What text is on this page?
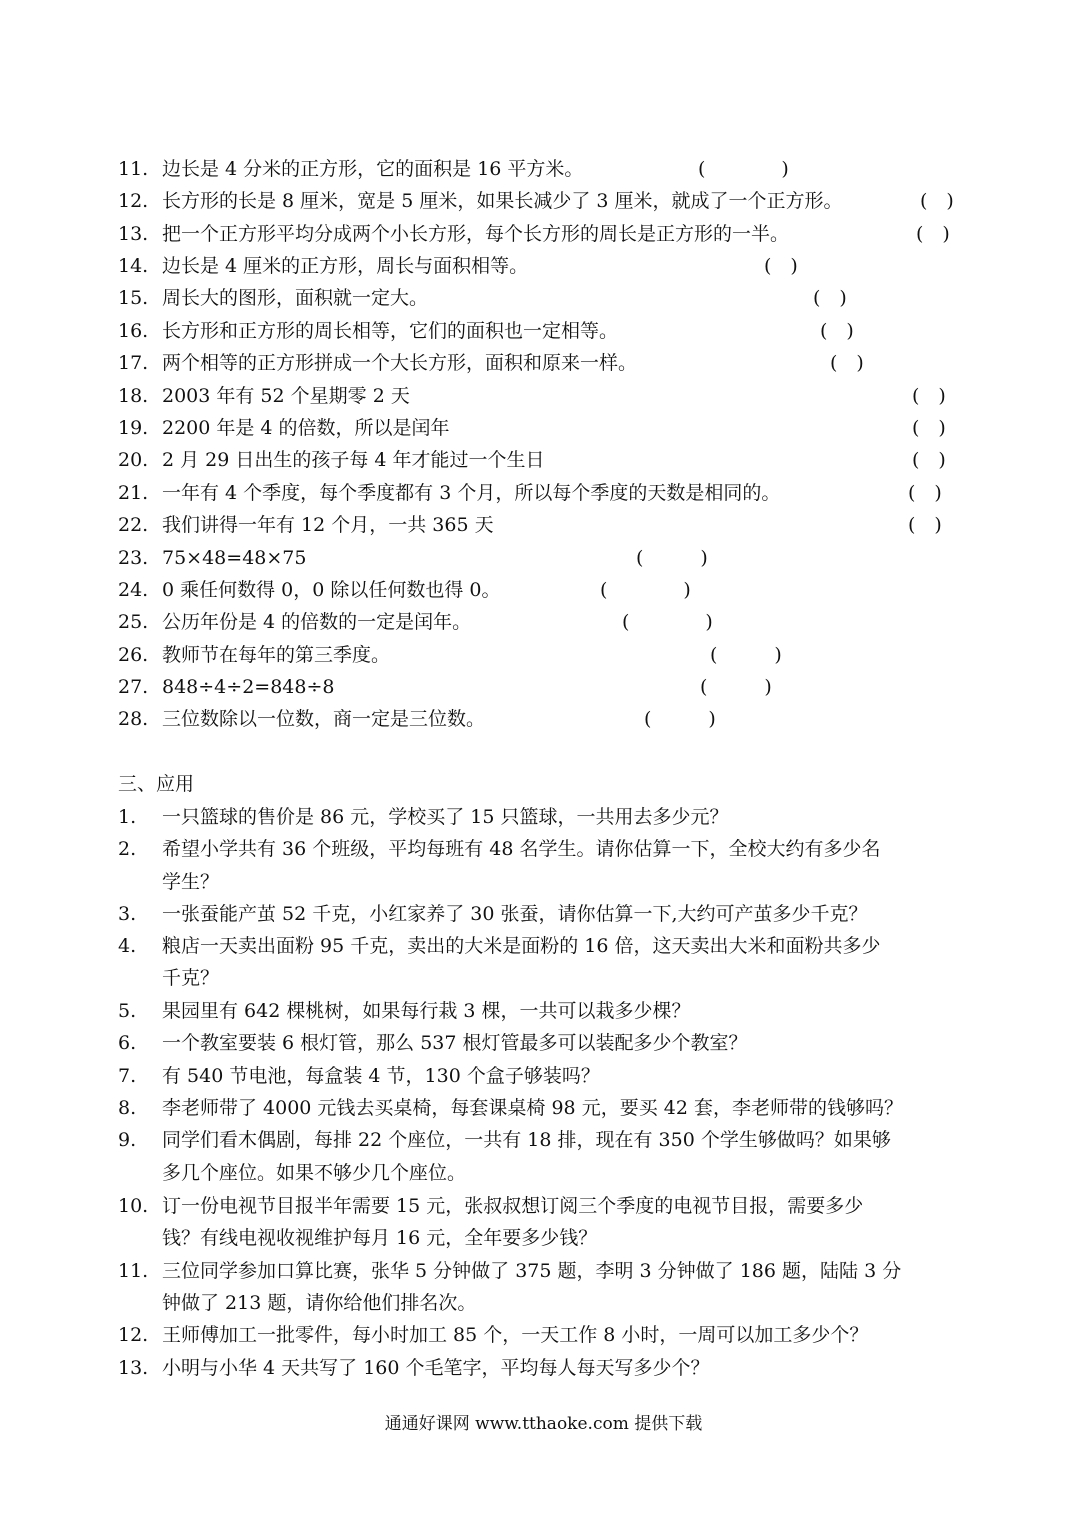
11. 边长是 4 分米的正方形，它的面积是 16 平方米。	(　　　　)
12. 长方形的长是 8 厘米，宽是 5 厘米，如果长减少了 3 厘米，就成了一个正方形。	(　)
13. 把一个正方形平均分成两个小长方形，每个长方形的周长是正方形的一半。	(　)
14. 边长是 4 厘米的正方形，周长与面积相等。	(　)
15. 周长大的图形，面积就一定大。	(　)
16. 长方形和正方形的周长相等，它们的面积也一定相等。	(　)
17. 两个相等的正方形拼成一个大长方形，面积和原来一样。	(　)
18. 2003 年有 52 个星期零 2 天	(　)
19. 2200 年是 4 的倍数，所以是闰年	(　)
20. 2 月 29 日出生的孩子每 4 年才能过一个生日	(　)
21. 一年有 4 个季度，每个季度都有 3 个月，所以每个季度的天数是相同的。	(　)
22. 我们讲得一年有 12 个月，一共 365 天	(　)
23. 75×48=48×75	(　　　)
24. 0 乘任何数得 0，0 除以任何数也得 0。	(　　　　)
25. 公历年份是 4 的倍数的一定是闰年。	(　　　　)
26. 教师节在每年的第三季度。	(　　　)
27. 848÷4÷2=848÷8	(　　　)
28. 三位数除以一位数，商一定是三位数。	(　　　)
三、应用
1. 一只篮球的售价是 86 元，学校买了 15 只篮球，一共用去多少元？
2. 希望小学共有 36 个班级，平均每班有 48 名学生。请你估算一下，全校大约有多少名
学生？
3. 一张蚕能产茧 52 千克，小红家养了 30 张蚕，请你估算一下,大约可产茧多少千克？
4. 粮店一天卖出面粉 95 千克，卖出的大米是面粉的 16 倍，这天卖出大米和面粉共多少
千克？
5. 果园里有 642 棵桃树，如果每行栽 3 棵，一共可以栽多少棵？
6. 一个教室要装 6 根灯管，那么 537 根灯管最多可以装配多少个教室？
7. 有 540 节电池，每盒装 4 节，130 个盒子够装吗？
8. 李老师带了 4000 元钱去买桌椅，每套课桌椅 98 元，要买 42 套，李老师带的钱够吗？
9. 同学们看木偶剧，每排 22 个座位，一共有 18 排，现在有 350 个学生够做吗？如果够
多几个座位。如果不够少几个座位。
10. 订一份电视节目报半年需要 15 元，张叔叔想订阅三个季度的电视节目报，需要多少
钱？有线电视收视维护每月 16 元，全年要多少钱？
11. 三位同学参加口算比赛，张华 5 分钟做了 375 题，李明 3 分钟做了 186 题，陆陆 3 分
钟做了 213 题，请你给他们排名次。
12. 王师傅加工一批零件，每小时加工 85 个，一天工作 8 小时，一周可以加工多少个？
13. 小明与小华 4 天共写了 160 个毛笔字，平均每人每天写多少个？
通通好课网 www.tthaoke.com 提供下载
